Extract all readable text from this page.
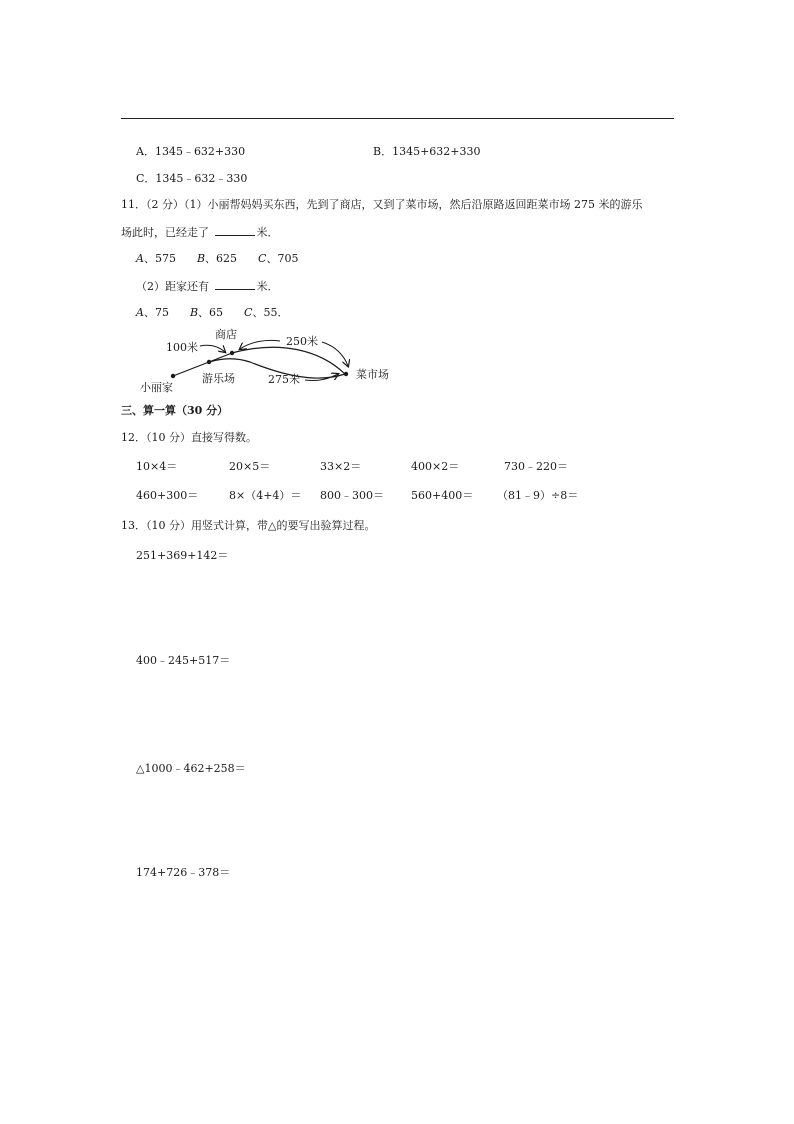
A．1345﹣632+330	B．1345+632+330
C．1345﹣632﹣330
11．（2 分）（1）小丽帮妈妈买东西，先到了商店，又到了菜市场，然后沿原路返回距菜市场 275 米的游乐
场此时，已经走了	米．
A、575 B、625 C、705
（2）距家还有	米．
A、75 B、65 C、55．
100米
商店
250米
菜市场
游乐场	275米
小丽家
三、算一算（30 分）
12．（10 分）直接写得数。
10×4＝	20×5＝	33×2＝	400×2＝	730﹣220＝
460+300＝	8×（4+4）＝ 800﹣300＝ 560+400＝ （81﹣9）÷8＝
13．（10 分）用竖式计算，带△的要写出验算过程。
251+369+142＝
400﹣245+517＝
△1000﹣462+258＝
174+726﹣378＝
